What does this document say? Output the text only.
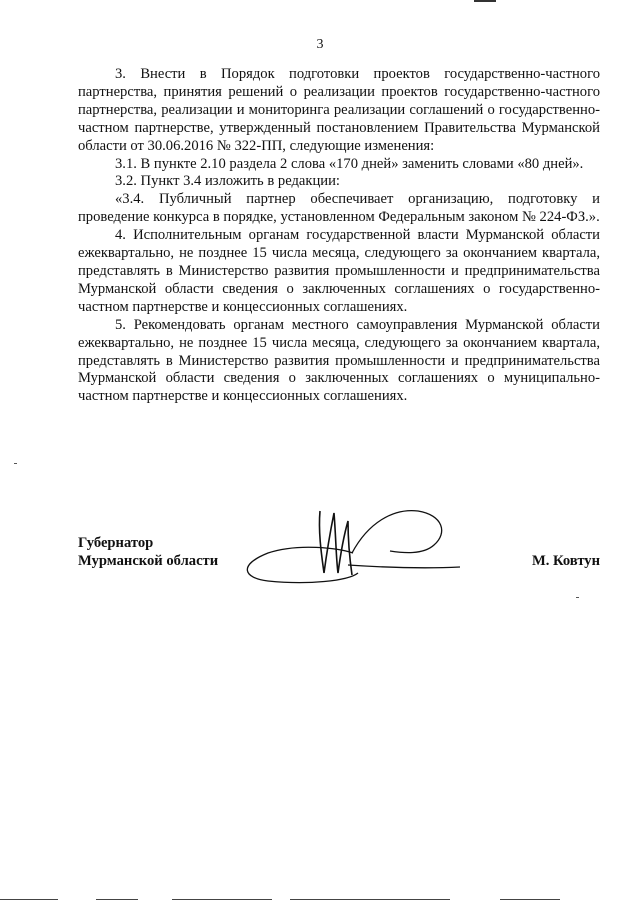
3

3. Внести в Порядок подготовки проектов государственно-частного партнерства, принятия решений о реализации проектов государственно-частного партнерства, реализации и мониторинга реализации соглашений о государственно-частном партнерстве, утвержденный постановлением Правительства Мурманской области от 30.06.2016 № 322-ПП, следующие изменения:

3.1. В пункте 2.10 раздела 2 слова «170 дней» заменить словами «80 дней».

3.2. Пункт 3.4 изложить в редакции:

«3.4. Публичный партнер обеспечивает организацию, подготовку и проведение конкурса в порядке, установленном Федеральным законом № 224-ФЗ.».

4. Исполнительным органам государственной власти Мурманской области ежеквартально, не позднее 15 числа месяца, следующего за окончанием квартала, представлять в Министерство развития промышленности и предпринимательства Мурманской области сведения о заключенных соглашениях о государственно-частном партнерстве и концессионных соглашениях.

5. Рекомендовать органам местного самоуправления Мурманской области ежеквартально, не позднее 15 числа месяца, следующего за окончанием квартала, представлять в Министерство развития промышленности и предпринимательства Мурманской области сведения о заключенных соглашениях о муниципально-частном партнерстве и концессионных соглашениях.

Губернатор
Мурманской области	М. Ковтун
